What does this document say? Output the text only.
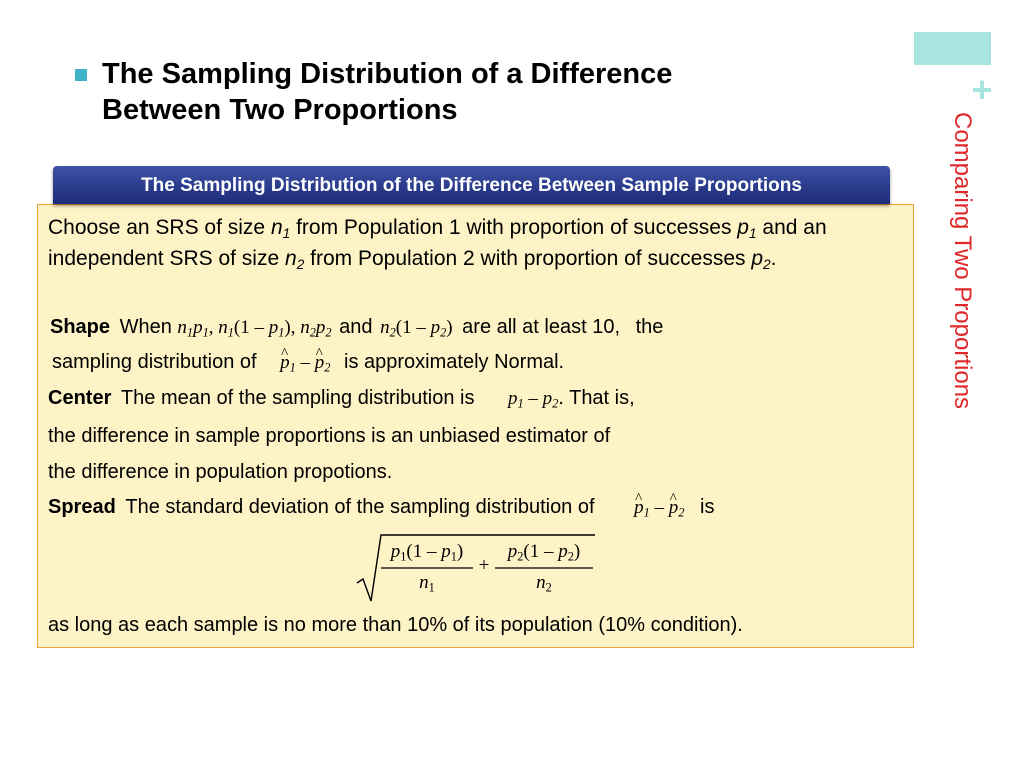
+
Comparing Two Proportions
The Sampling Distribution of a Difference
Between Two Proportions
The Sampling Distribution of the Difference Between Sample Proportions
Choose an SRS of size $n_1$ from Population 1 with proportion of successes $p_1$ and an independent SRS of size $n_2$ from Population 2 with proportion of successes $p_2$.
Shape When $n_1p_1$, $n_1(1 - p_1)$, $n_2p_2$ and $n_2(1 - p_2)$ are all at least 10, the
sampling distribution of ^ $p_1$ – ^ $p_2$ is approximately Normal.
Center The mean of the sampling distribution is $p_1 - p_2$. That is,
the difference in sample proportions is an unbiased estimator of
the difference in population propotions.
Spread The standard deviation of the sampling distribution of ^ $p_1$ – ^ $p_2$ is
$p_1(1 - p_1)$
$n_1$
+
$p_2(1 - p_2)$
$n_2$
as long as each sample is no more than 10% of its population (10% condition).
